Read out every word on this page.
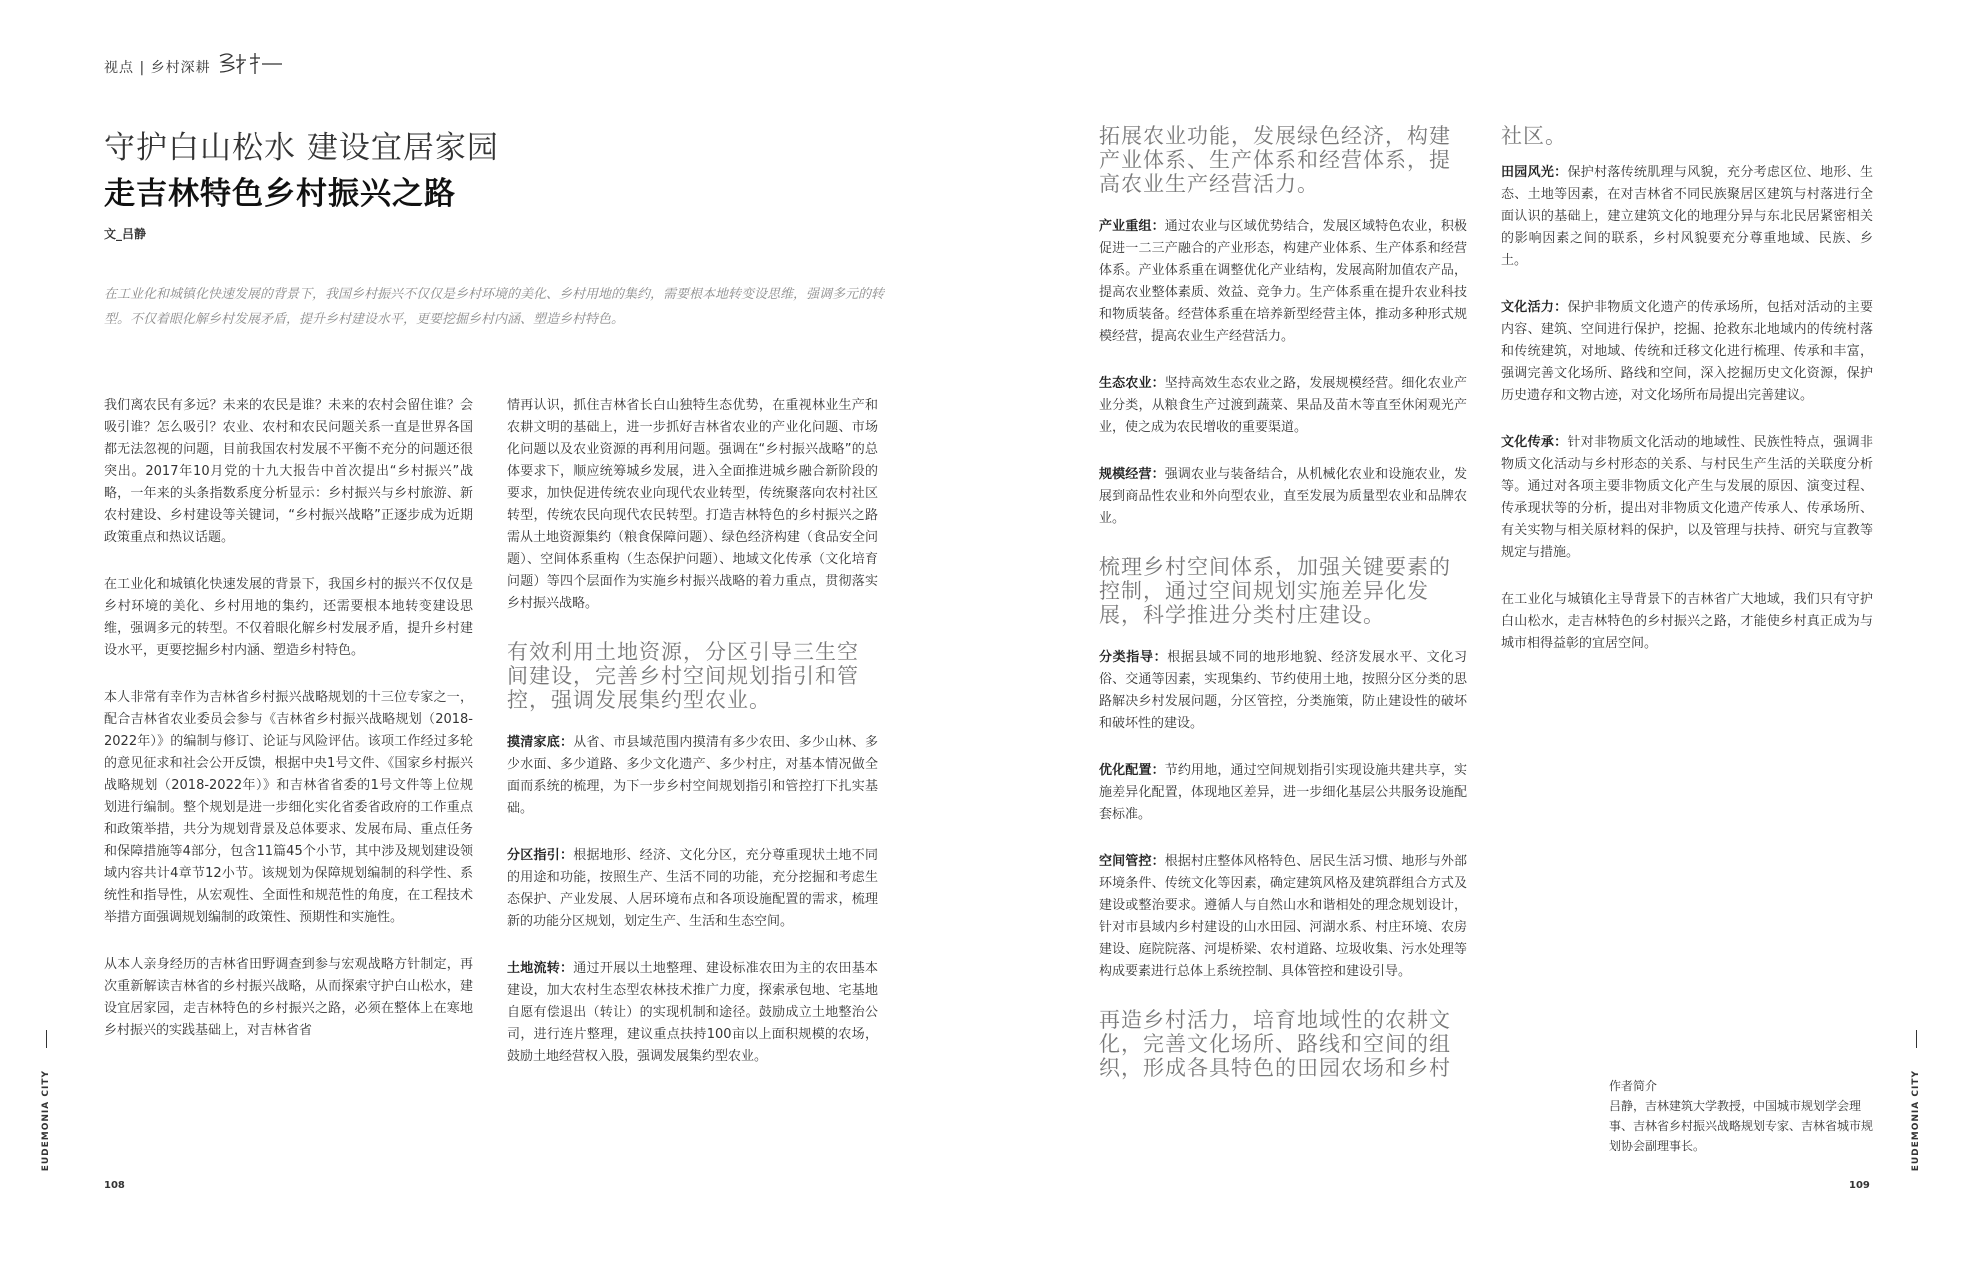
视点 | 乡村深耕
守护白山松水 建设宜居家园
走吉林特色乡村振兴之路
文_吕静
在工业化和城镇化快速发展的背景下，我国乡村振兴不仅仅是乡村环境的美化、乡村用地的集约，需要根本地转变设思维，强调多元的转型。不仅着眼化解乡村发展矛盾，提升乡村建设水平，更要挖掘乡村内涵、塑造乡村特色。

我们离农民有多远？未来的农民是谁？未来的农村会留住谁？会吸引谁？怎么吸引？农业、农村和农民问题关系一直是世界各国都无法忽视的问题，目前我国农村发展不平衡不充分的问题还很突出。2017年10月党的十九大报告中首次提出“乡村振兴”战略，一年来的头条指数系度分析显示：乡村振兴与乡村旅游、新农村建设、乡村建设等关键词，“乡村振兴战略”正逐步成为近期政策重点和热议话题。

在工业化和城镇化快速发展的背景下，我国乡村的振兴不仅仅是乡村环境的美化、乡村用地的集约，还需要根本地转变建设思维，强调多元的转型。不仅着眼化解乡村发展矛盾，提升乡村建设水平，更要挖掘乡村内涵、塑造乡村特色。

本人非常有幸作为吉林省乡村振兴战略规划的十三位专家之一，配合吉林省农业委员会参与《吉林省乡村振兴战略规划（2018-2022年）》的编制与修订、论证与风险评估。该项工作经过多轮的意见征求和社会公开反馈，根据中央1号文件、《国家乡村振兴战略规划（2018-2022年）》和吉林省省委的1号文件等上位规划进行编制。整个规划是进一步细化实化省委省政府的工作重点和政策举措，共分为规划背景及总体要求、发展布局、重点任务和保障措施等4部分，包含11篇45个小节，其中涉及规划建设领域内容共计4章节12小节。该规划为保障规划编制的科学性、系统性和指导性，从宏观性、全面性和规范性的角度，在工程技术举措方面强调规划编制的政策性、预期性和实施性。

从本人亲身经历的吉林省田野调查到参与宏观战略方针制定，再次重新解读吉林省的乡村振兴战略，从而探索守护白山松水，建设宜居家园，走吉林特色的乡村振兴之路，必须在整体上在寒地乡村振兴的实践基础上，对吉林省省

情再认识，抓住吉林省长白山独特生态优势，在重视林业生产和农耕文明的基础上，进一步抓好吉林省农业的产业化问题、市场化问题以及农业资源的再利用问题。强调在“乡村振兴战略”的总体要求下，顺应统筹城乡发展，进入全面推进城乡融合新阶段的要求，加快促进传统农业向现代农业转型，传统聚落向农村社区转型，传统农民向现代农民转型。打造吉林特色的乡村振兴之路需从土地资源集约（粮食保障问题）、绿色经济构建（食品安全问题）、空间体系重构（生态保护问题）、地域文化传承（文化培育问题）等四个层面作为实施乡村振兴战略的着力重点，贯彻落实乡村振兴战略。

有效利用土地资源，分区引导三生空间建设，完善乡村空间规划指引和管控，强调发展集约型农业。

摸清家底：从省、市县域范围内摸清有多少农田、多少山林、多少水面、多少道路、多少文化遗产、多少村庄，对基本情况做全面而系统的梳理，为下一步乡村空间规划指引和管控打下扎实基础。

分区指引：根据地形、经济、文化分区，充分尊重现状土地不同的用途和功能，按照生产、生活不同的功能，充分挖掘和考虑生态保护、产业发展、人居环境布点和各项设施配置的需求，梳理新的功能分区规划，划定生产、生活和生态空间。

土地流转：通过开展以土地整理、建设标准农田为主的农田基本建设，加大农村生态型农林技术推广力度，探索承包地、宅基地自愿有偿退出（转让）的实现机制和途径。鼓励成立土地整治公司，进行连片整理，建议重点扶持100亩以上面积规模的农场，鼓励土地经营权入股，强调发展集约型农业。

EUDEMONIA CITY
108
拓展农业功能，发展绿色经济，构建产业体系、生产体系和经营体系，提高农业生产经营活力。

产业重组：通过农业与区域优势结合，发展区域特色农业，积极促进一二三产融合的产业形态，构建产业体系、生产体系和经营体系。产业体系重在调整优化产业结构，发展高附加值农产品，提高农业整体素质、效益、竞争力。生产体系重在提升农业科技和物质装备。经营体系重在培养新型经营主体，推动多种形式规模经营，提高农业生产经营活力。

生态农业：坚持高效生态农业之路，发展规模经营。细化农业产业分类，从粮食生产过渡到蔬菜、果品及苗木等直至休闲观光产业，使之成为农民增收的重要渠道。

规模经营：强调农业与装备结合，从机械化农业和设施农业，发展到商品性农业和外向型农业，直至发展为质量型农业和品牌农业。

梳理乡村空间体系，加强关键要素的控制，通过空间规划实施差异化发展，科学推进分类村庄建设。

分类指导：根据县域不同的地形地貌、经济发展水平、文化习俗、交通等因素，实现集约、节约使用土地，按照分区分类的思路解决乡村发展问题，分区管控，分类施策，防止建设性的破坏和破坏性的建设。

优化配置：节约用地，通过空间规划指引实现设施共建共享，实施差异化配置，体现地区差异，进一步细化基层公共服务设施配套标准。

空间管控：根据村庄整体风格特色、居民生活习惯、地形与外部环境条件、传统文化等因素，确定建筑风格及建筑群组合方式及建设或整治要求。遵循人与自然山水和谐相处的理念规划设计，针对市县域内乡村建设的山水田园、河湖水系、村庄环境、农房建设、庭院院落、河堤桥梁、农村道路、垃圾收集、污水处理等构成要素进行总体上系统控制、具体管控和建设引导。

再造乡村活力，培育地域性的农耕文化，完善文化场所、路线和空间的组织，形成各具特色的田园农场和乡村
社区。

田园风光：保护村落传统肌理与风貌，充分考虑区位、地形、生态、土地等因素，在对吉林省不同民族聚居区建筑与村落进行全面认识的基础上，建立建筑文化的地理分异与东北民居紧密相关的影响因素之间的联系，乡村风貌要充分尊重地域、民族、乡土。

文化活力：保护非物质文化遗产的传承场所，包括对活动的主要内容、建筑、空间进行保护，挖掘、抢救东北地域内的传统村落和传统建筑，对地域、传统和迁移文化进行梳理、传承和丰富，强调完善文化场所、路线和空间，深入挖掘历史文化资源，保护历史遗存和文物古迹，对文化场所布局提出完善建议。

文化传承：针对非物质文化活动的地域性、民族性特点，强调非物质文化活动与乡村形态的关系、与村民生产生活的关联度分析等。通过对各项主要非物质文化产生与发展的原因、演变过程、传承现状等的分析，提出对非物质文化遗产传承人、传承场所、有关实物与相关原材料的保护，以及管理与扶持、研究与宣教等规定与措施。

在工业化与城镇化主导背景下的吉林省广大地域，我们只有守护白山松水，走吉林特色的乡村振兴之路，才能使乡村真正成为与城市相得益彰的宜居空间。

作者简介
吕静，吉林建筑大学教授，中国城市规划学会理事、吉林省乡村振兴战略规划专家、吉林省城市规划协会副理事长。	EUDEMONIA CITY
109
